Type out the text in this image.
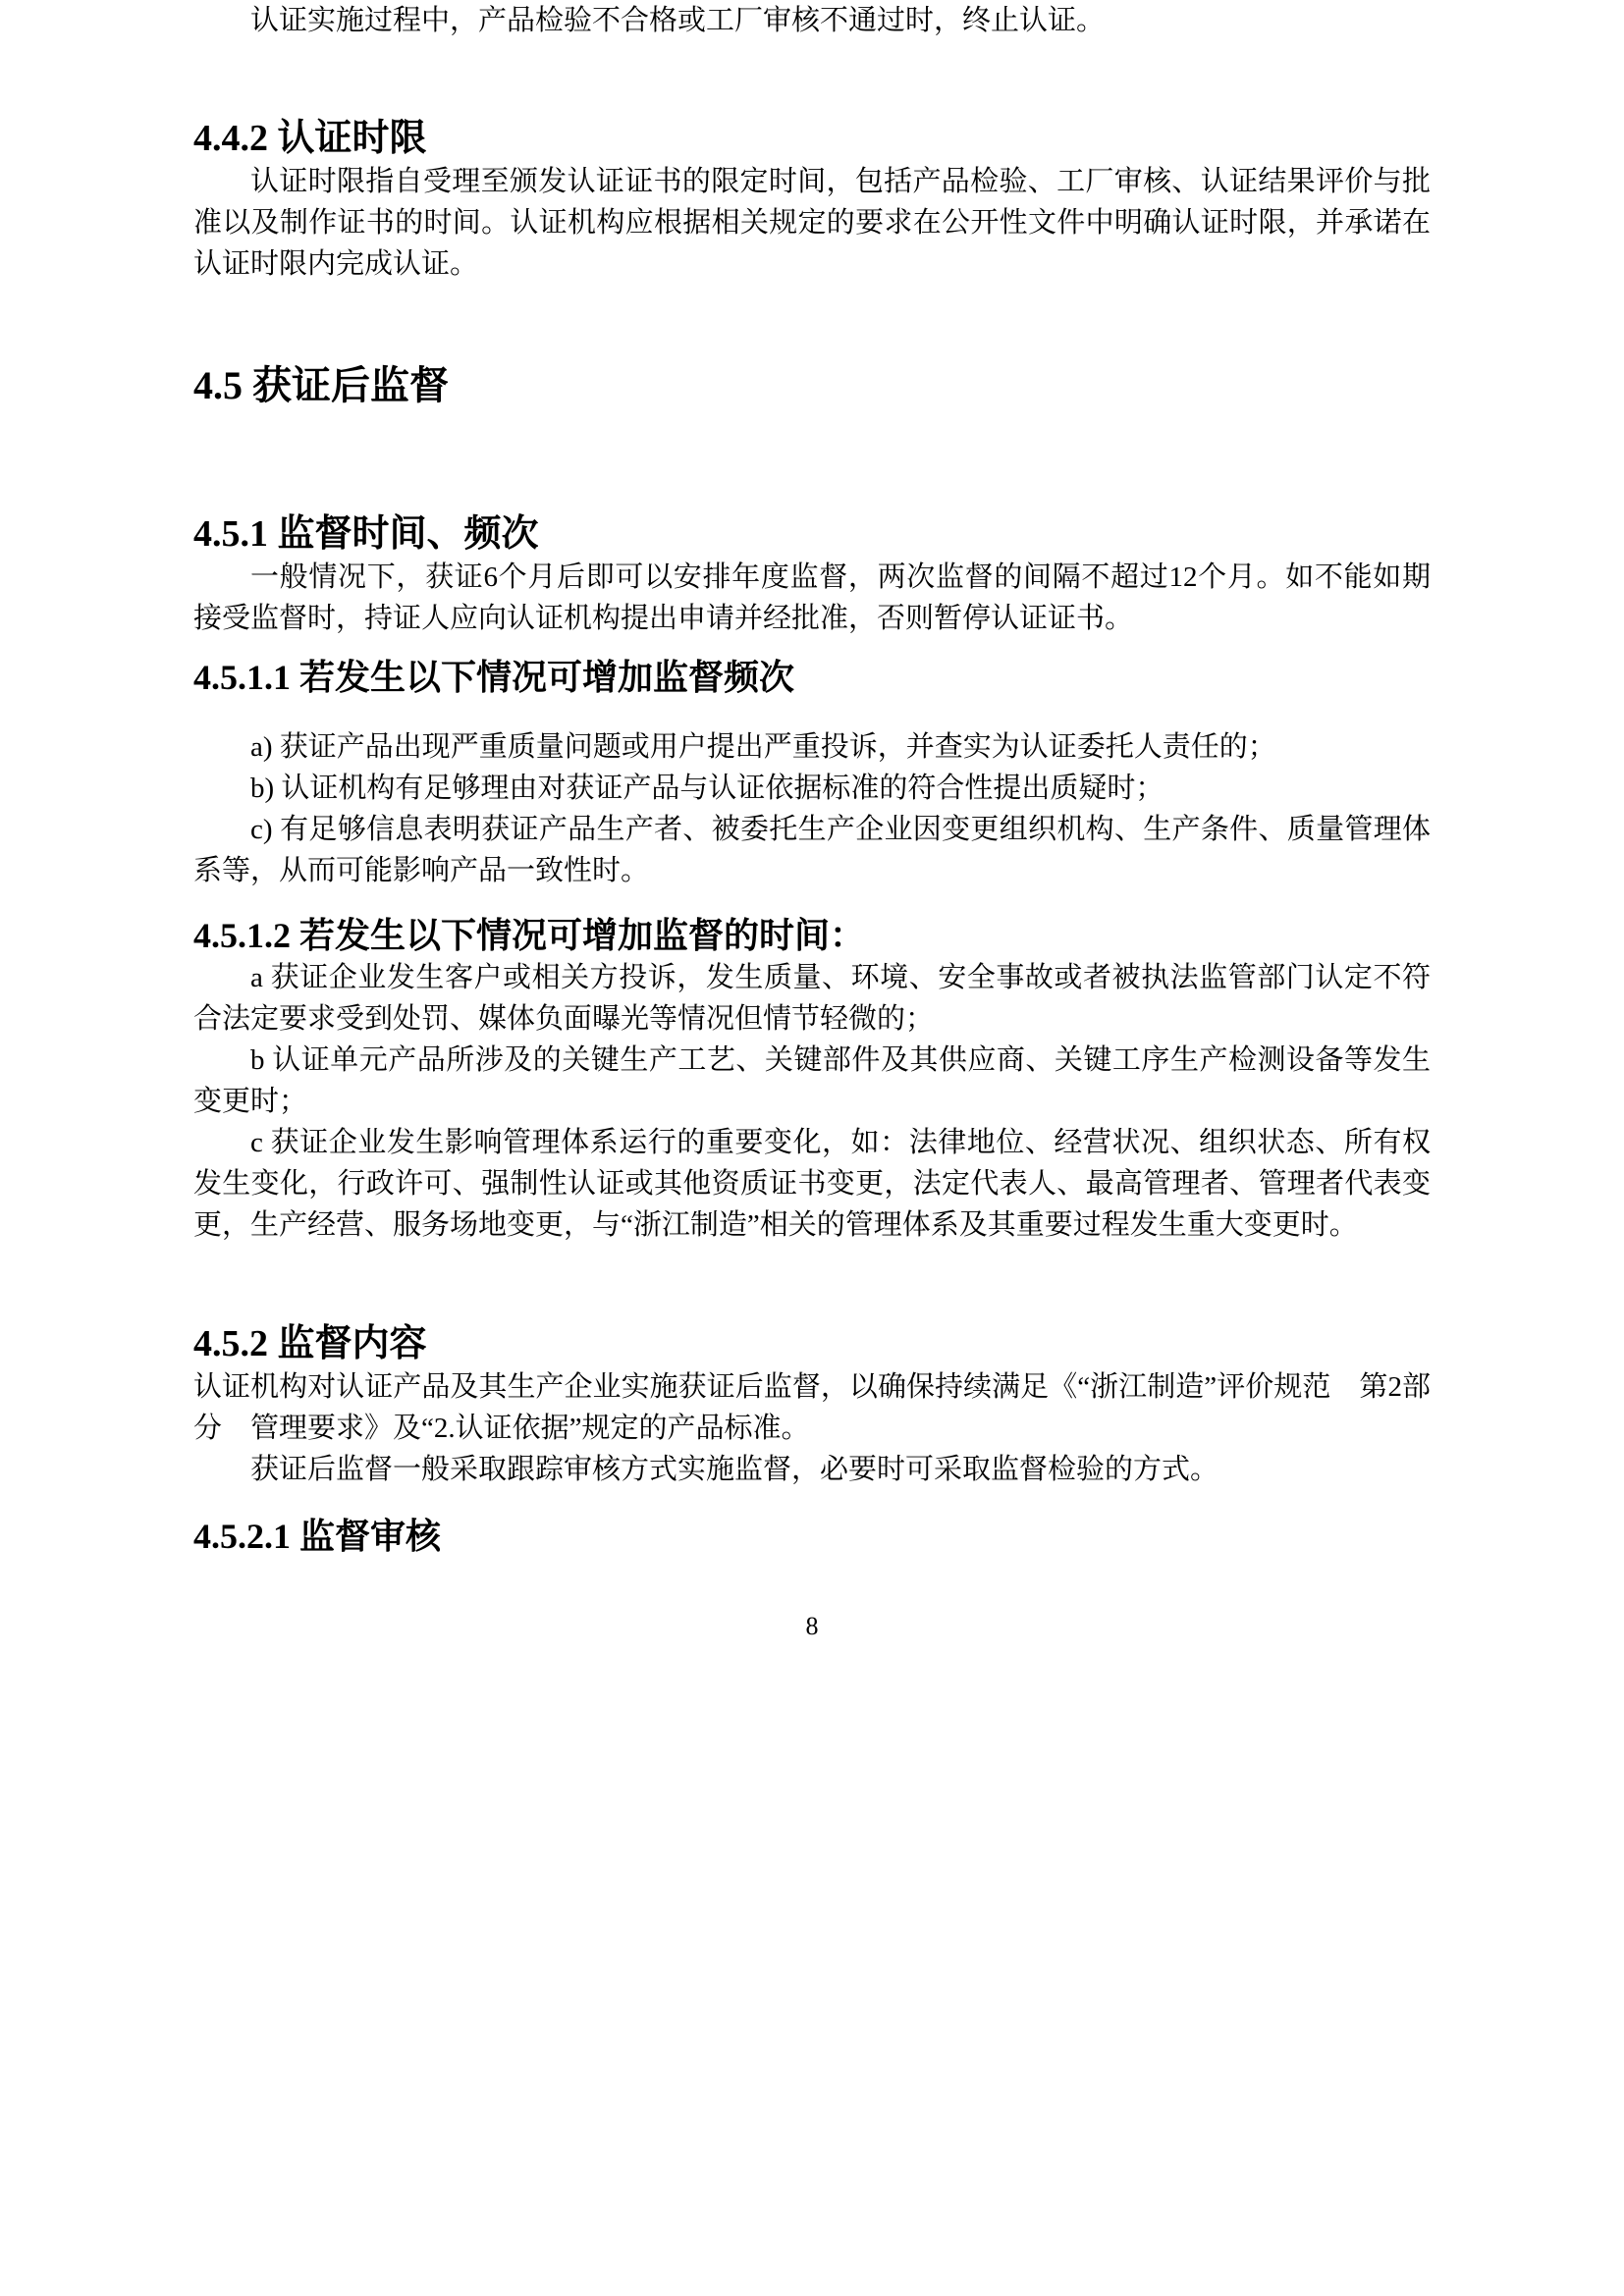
认证实施过程中，产品检验不合格或工厂审核不通过时，终止认证。

4.4.2 认证时限

认证时限指自受理至颁发认证证书的限定时间，包括产品检验、工厂审核、认证结果评价与批准以及制作证书的时间。认证机构应根据相关规定的要求在公开性文件中明确认证时限，并承诺在认证时限内完成认证。

4.5 获证后监督
4.5.1 监督时间、频次

一般情况下，获证6个月后即可以安排年度监督，两次监督的间隔不超过12个月。如不能如期接受监督时，持证人应向认证机构提出申请并经批准，否则暂停认证证书。

4.5.1.1 若发生以下情况可增加监督频次

a) 获证产品出现严重质量问题或用户提出严重投诉，并查实为认证委托人责任的；

b) 认证机构有足够理由对获证产品与认证依据标准的符合性提出质疑时；

c) 有足够信息表明获证产品生产者、被委托生产企业因变更组织机构、生产条件、质量管理体系等，从而可能影响产品一致性时。

4.5.1.2 若发生以下情况可增加监督的时间：

a 获证企业发生客户或相关方投诉，发生质量、环境、安全事故或者被执法监管部门认定不符合法定要求受到处罚、媒体负面曝光等情况但情节轻微的；

b 认证单元产品所涉及的关键生产工艺、关键部件及其供应商、关键工序生产检测设备等发生变更时；

c 获证企业发生影响管理体系运行的重要变化，如：法律地位、经营状况、组织状态、所有权发生变化，行政许可、强制性认证或其他资质证书变更，法定代表人、最高管理者、管理者代表变更，生产经营、服务场地变更，与“浙江制造”相关的管理体系及其重要过程发生重大变更时。

4.5.2 监督内容

认证机构对认证产品及其生产企业实施获证后监督，以确保持续满足《“浙江制造”评价规范　第2部分　管理要求》及“2.认证依据”规定的产品标准。

获证后监督一般采取跟踪审核方式实施监督，必要时可采取监督检验的方式。

4.5.2.1 监督审核
8
